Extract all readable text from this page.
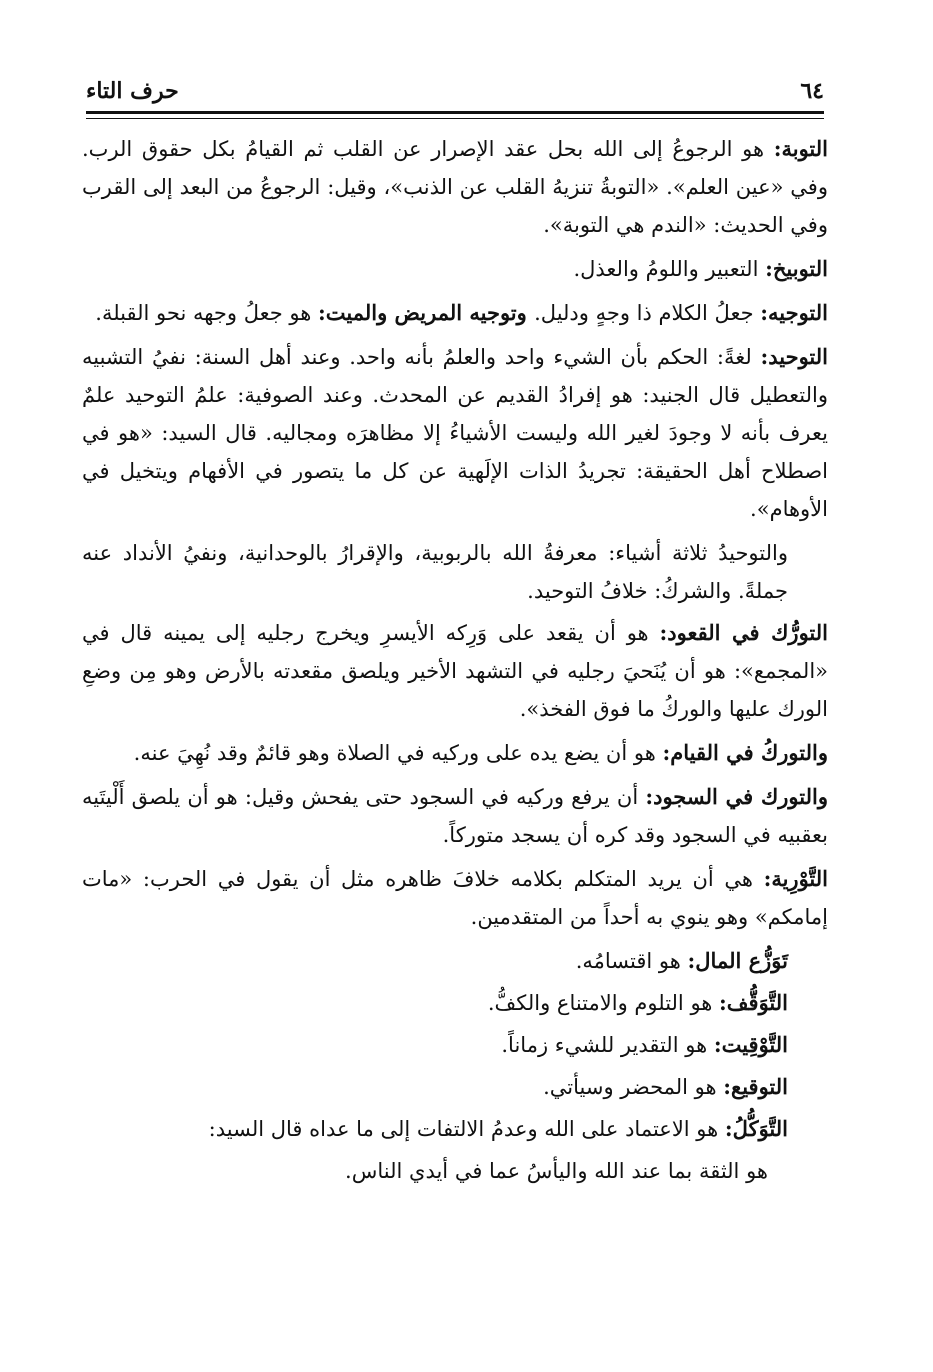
٦٤
حرف التاء

التوبة: هو الرجوعُ إلى الله بحل عقد الإصرار عن القلب ثم القيامُ بكل حقوق الرب. وفي «عين العلم». «التوبةُ تنزيهُ القلب عن الذنب»، وقيل: الرجوعُ من البعد إلى القرب وفي الحديث: «الندم هي التوبة».

التوبيخ: التعبير واللومُ والعذل.

التوجيه: جعلُ الكلام ذا وجهٍ ودليل. وتوجيه المريض والميت: هو جعلُ وجهه نحو القبلة.

التوحيد: لغةً: الحكم بأن الشيء واحد والعلمُ بأنه واحد. وعند أهل السنة: نفيُ التشبيه والتعطيل قال الجنيد: هو إفرادُ القديم عن المحدث. وعند الصوفية: علمُ التوحيد علمٌ يعرف بأنه لا وجودَ لغير الله وليست الأشياءُ إلا مظاهرَه ومجاليه. قال السيد: «هو في اصطلاح أهل الحقيقة: تجريدُ الذات الإلَهية عن كل ما يتصور في الأفهام ويتخيل في الأوهام».

والتوحيدُ ثلاثة أشياء: معرفةُ الله بالربوبية، والإقرارُ بالوحدانية، ونفيُ الأنداد عنه جملةً. والشركُ: خلافُ التوحيد.

التورُّك في القعود: هو أن يقعد على وَرِكه الأيسرِ ويخرج رجليه إلى يمينه قال في «المجمع»: هو أن يُنَحيَ رجليه في التشهد الأخير ويلصق مقعدته بالأرض وهو مِن وضعِ الورك عليها والوركُ ما فوق الفخذ».

والتوركُ في القيام: هو أن يضع يده على وركيه في الصلاة وهو قائمٌ وقد نُهِيَ عنه.

والتورك في السجود: أن يرفع وركيه في السجود حتى يفحش وقيل: هو أن يلصق أَلْيتَيه بعقبيه في السجود وقد كره أن يسجد متوركاً.

التَّوْرِية: هي أن يريد المتكلم بكلامه خلافَ ظاهره مثل أن يقول في الحرب: «مات إمامكم» وهو ينوي به أحداً من المتقدمين.

تَوَزُّع المال: هو اقتسامُه.

التَّوَقُّف: هو التلوم والامتناع والكفُّ.

التَّوْقِيت: هو التقدير للشيء زماناً.

التوقيع: هو المحضر وسيأتي.

التَّوَكُّلُ: هو الاعتماد على الله وعدمُ الالتفات إلى ما عداه قال السيد:

هو الثقة بما عند الله واليأسُ عما في أيدي الناس.
